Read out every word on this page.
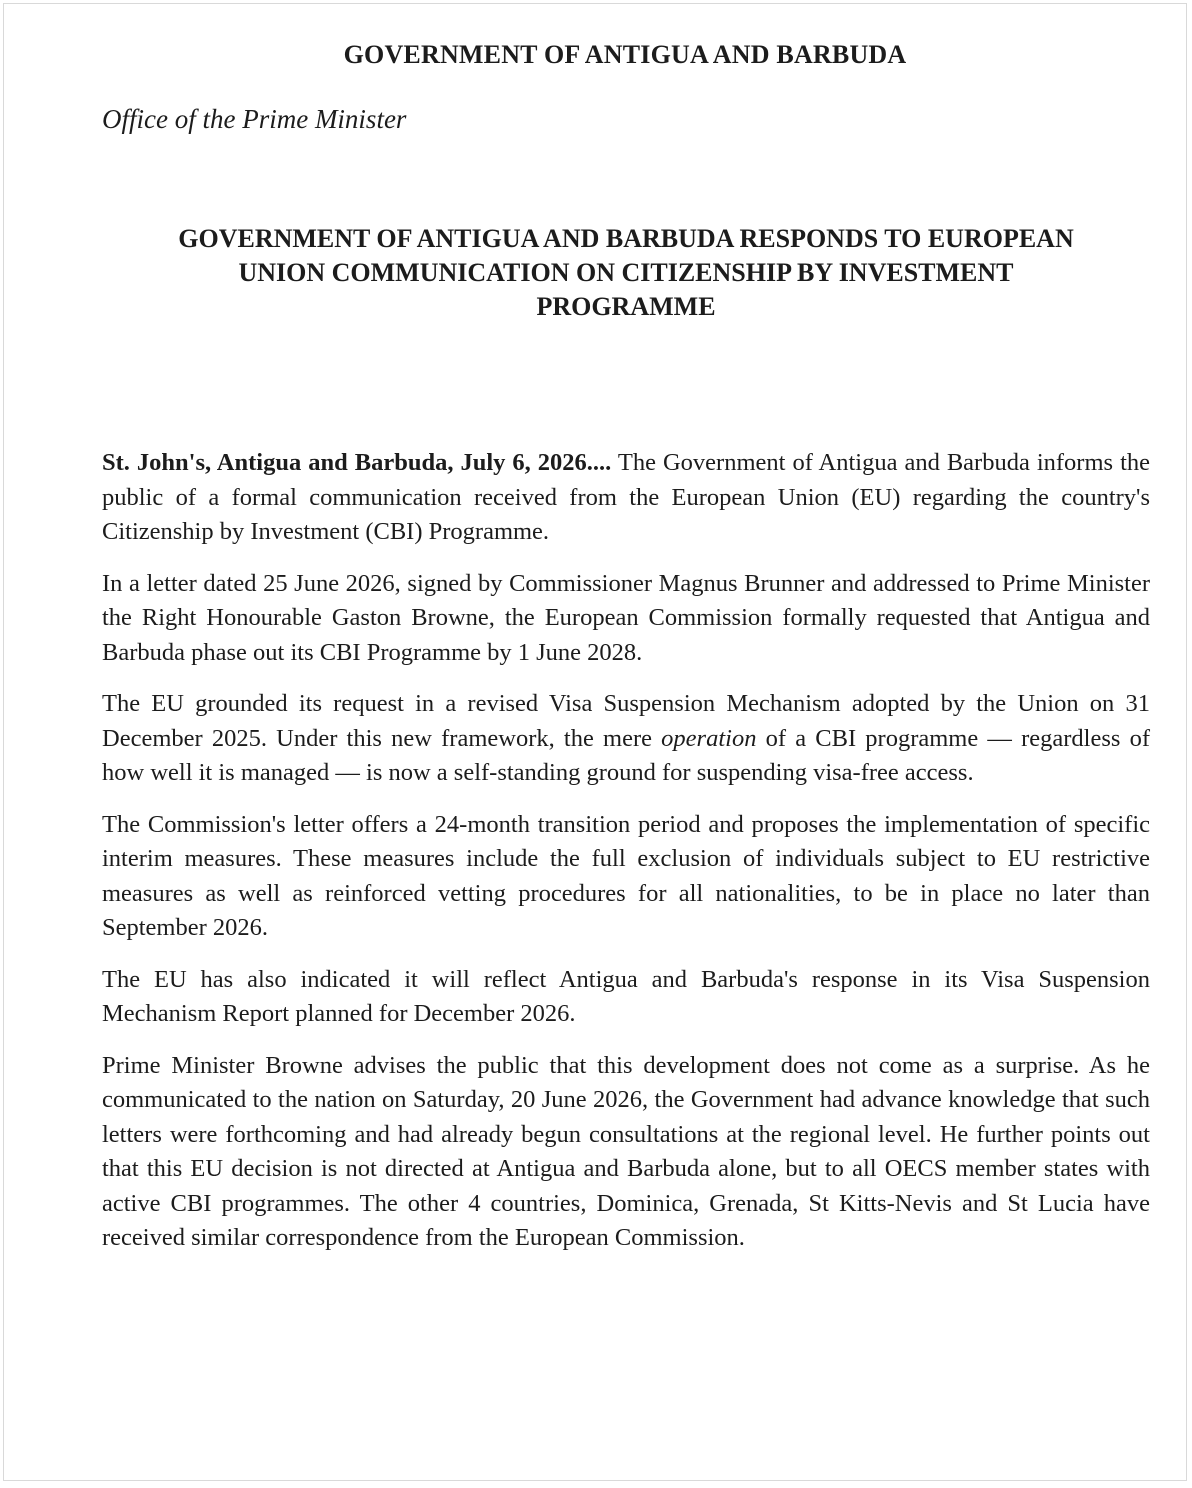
GOVERNMENT OF ANTIGUA AND BARBUDA

Office of the Prime Minister

GOVERNMENT OF ANTIGUA AND BARBUDA RESPONDS TO EUROPEAN
UNION COMMUNICATION ON CITIZENSHIP BY INVESTMENT
PROGRAMME

St. John's, Antigua and Barbuda, July 6, 2026.... The Government of Antigua and Barbuda informs the public of a formal communication received from the European Union (EU) regarding the country's Citizenship by Investment (CBI) Programme.

In a letter dated 25 June 2026, signed by Commissioner Magnus Brunner and addressed to Prime Minister the Right Honourable Gaston Browne, the European Commission formally requested that Antigua and Barbuda phase out its CBI Programme by 1 June 2028.

The EU grounded its request in a revised Visa Suspension Mechanism adopted by the Union on 31 December 2025. Under this new framework, the mere operation of a CBI programme — regardless of how well it is managed — is now a self-standing ground for suspending visa-free access.

The Commission's letter offers a 24-month transition period and proposes the implementation of specific interim measures. These measures include the full exclusion of individuals subject to EU restrictive measures as well as reinforced vetting procedures for all nationalities, to be in place no later than September 2026.

The EU has also indicated it will reflect Antigua and Barbuda's response in its Visa Suspension Mechanism Report planned for December 2026.

Prime Minister Browne advises the public that this development does not come as a surprise. As he communicated to the nation on Saturday, 20 June 2026, the Government had advance knowledge that such letters were forthcoming and had already begun consultations at the regional level. He further points out that this EU decision is not directed at Antigua and Barbuda alone, but to all OECS member states with active CBI programmes. The other 4 countries, Dominica, Grenada, St Kitts-Nevis and St Lucia have received similar correspondence from the European Commission.
